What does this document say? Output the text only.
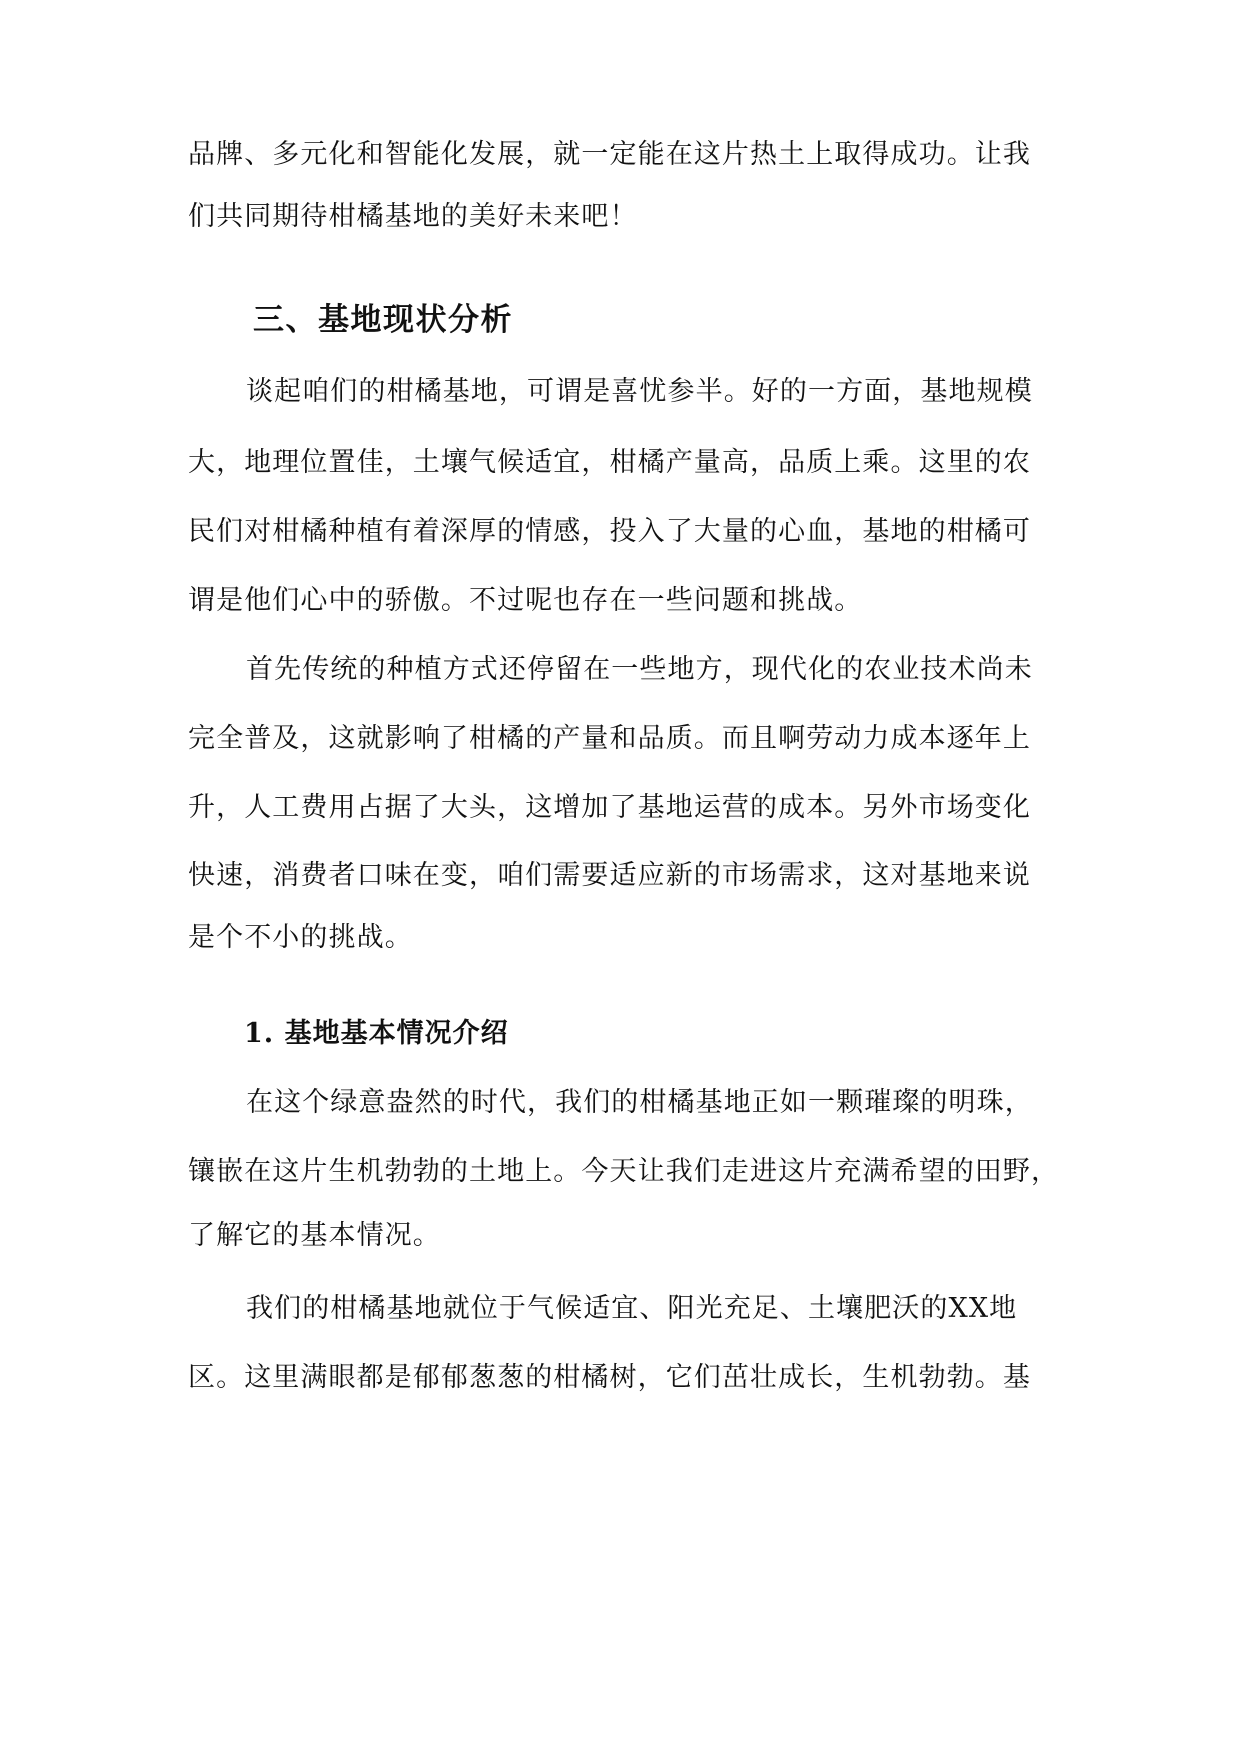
品牌、多元化和智能化发展，就一定能在这片热土上取得成功。让我
们共同期待柑橘基地的美好未来吧！
三、基地现状分析
谈起咱们的柑橘基地，可谓是喜忧参半。好的一方面，基地规模
大，地理位置佳，土壤气候适宜，柑橘产量高，品质上乘。这里的农
民们对柑橘种植有着深厚的情感，投入了大量的心血，基地的柑橘可
谓是他们心中的骄傲。不过呢也存在一些问题和挑战。
首先传统的种植方式还停留在一些地方，现代化的农业技术尚未
完全普及，这就影响了柑橘的产量和品质。而且啊劳动力成本逐年上
升，人工费用占据了大头，这增加了基地运营的成本。另外市场变化
快速，消费者口味在变，咱们需要适应新的市场需求，这对基地来说
是个不小的挑战。
1. 基地基本情况介绍
在这个绿意盎然的时代，我们的柑橘基地正如一颗璀璨的明珠，
镶嵌在这片生机勃勃的土地上。今天让我们走进这片充满希望的田野，
了解它的基本情况。
我们的柑橘基地就位于气候适宜、阳光充足、土壤肥沃的XX地
区。这里满眼都是郁郁葱葱的柑橘树，它们茁壮成长，生机勃勃。基
